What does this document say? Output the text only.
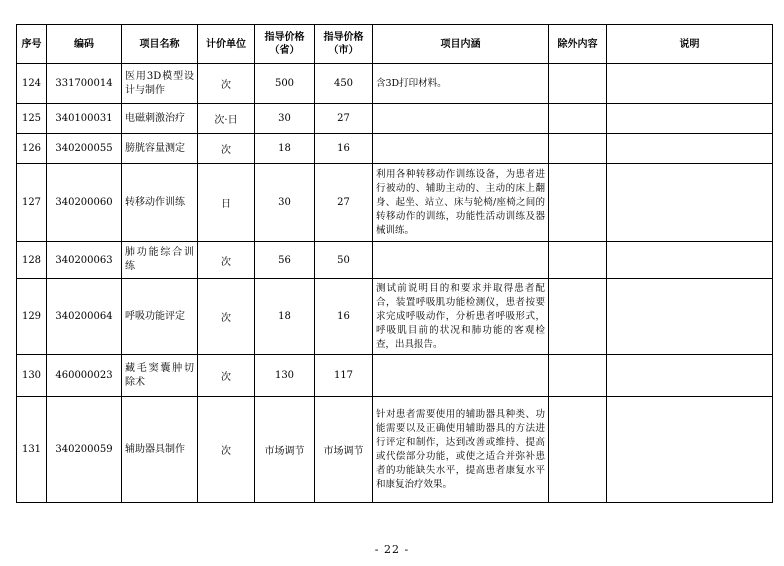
序号	编码	项目名称	计价单位	指导价格（省）	指导价格（市）	项目内涵	除外内容	说明
124	331700014	医用3D模型设计与制作	次	500	450	含3D打印材料。		
125	340100031	电磁刺激治疗	次·日	30	27			
126	340200055	膀胱容量测定	次	18	16			
127	340200060	转移动作训练	日	30	27	利用各种转移动作训练设备，为患者进行被动的、辅助主动的、主动的床上翻身、起坐、站立、床与轮椅/座椅之间的转移动作的训练，功能性活动训练及器械训练。		
128	340200063	肺功能综合训练	次	56	50			
129	340200064	呼吸功能评定	次	18	16	测试前说明目的和要求并取得患者配合，装置呼吸肌功能检测仪，患者按要求完成呼吸动作，分析患者呼吸形式，呼吸肌目前的状况和肺功能的客观检查，出具报告。		
130	460000023	藏毛窦囊肿切除术	次	130	117			
131	340200059	辅助器具制作	次	市场调节	市场调节	针对患者需要使用的辅助器具种类、功能需要以及正确使用辅助器具的方法进行评定和制作，达到改善或维持、提高或代偿部分功能，或使之适合并弥补患者的功能缺失水平，提高患者康复水平和康复治疗效果。		
- 22 -
